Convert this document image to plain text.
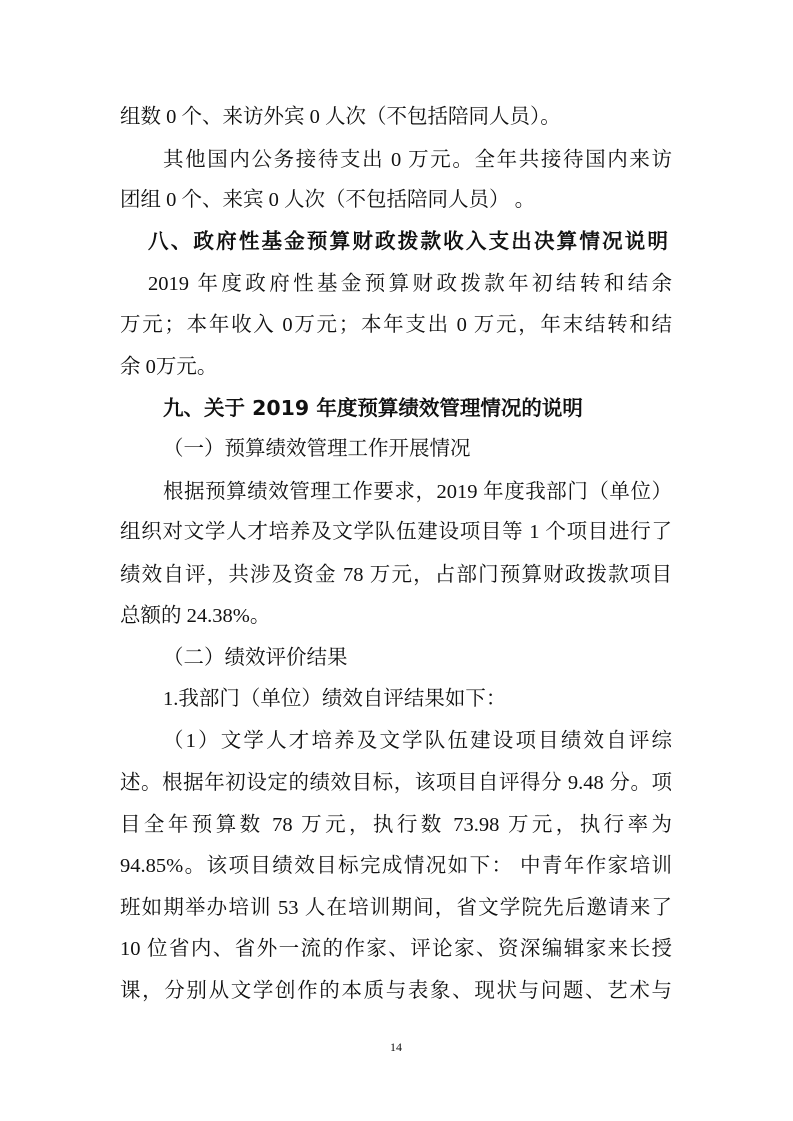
组数 0 个、来访外宾 0 人次（不包括陪同人员）。
其他国内公务接待支出 0 万元。全年共接待国内来访
团组 0 个、来宾 0 人次（不包括陪同人员） 。
八、政府性基金预算财政拨款收入支出决算情况说明
2019 年度政府性基金预算财政拨款年初结转和结余
万元；本年收入 0万元；本年支出 0 万元，年末结转和结
余 0万元。
九、关于 2019 年度预算绩效管理情况的说明
（一）预算绩效管理工作开展情况
根据预算绩效管理工作要求，2019 年度我部门（单位）
组织对文学人才培养及文学队伍建设项目等 1 个项目进行了
绩效自评，共涉及资金 78 万元，占部门预算财政拨款项目
总额的 24.38%。
（二）绩效评价结果
1.我部门（单位）绩效自评结果如下：
（1）文学人才培养及文学队伍建设项目绩效自评综
述。根据年初设定的绩效目标，该项目自评得分 9.48 分。项
目全年预算数 78 万元，执行数 73.98 万元，执行率为
94.85%。该项目绩效目标完成情况如下： 中青年作家培训
班如期举办培训 53 人在培训期间，省文学院先后邀请来了
10 位省内、省外一流的作家、评论家、资深编辑家来长授
课，分别从文学创作的本质与表象、现状与问题、艺术与
14
